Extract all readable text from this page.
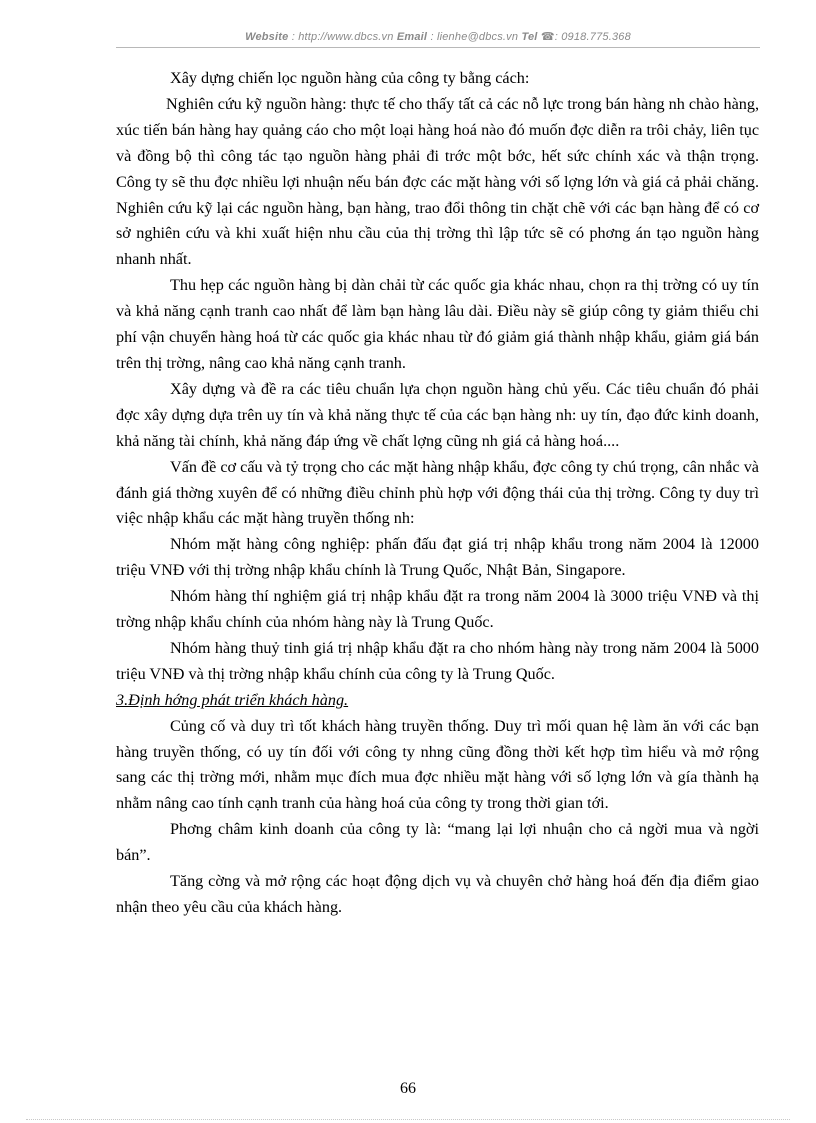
Website : http://www.dbcs.vn Email : lienhe@dbcs.vn Tel ☎: 0918.775.368

Xây dựng chiến lọc nguồn hàng của công ty bằng cách:

Nghiên cứu kỹ nguồn hàng: thực tế cho thấy tất cả các nỗ lực trong bán hàng nh chào hàng, xúc tiến bán hàng hay quảng cáo cho một loại hàng hoá nào đó muốn đợc diễn ra trôi chảy, liên tục và đồng bộ thì công tác tạo nguồn hàng phải đi trớc một bớc, hết sức chính xác và thận trọng. Công ty sẽ thu đợc nhiều lợi nhuận nếu bán đợc các mặt hàng với số lợng lớn và giá cả phải chăng. Nghiên cứu kỹ lại các nguồn hàng, bạn hàng, trao đổi thông tin chặt chẽ với các bạn hàng để có cơ sở nghiên cứu và khi xuất hiện nhu cầu của thị trờng thì lập tức sẽ có phơng án tạo nguồn hàng nhanh nhất.

Thu hẹp các nguồn hàng bị dàn chải từ các quốc gia khác nhau, chọn ra thị trờng có uy tín và khả năng cạnh tranh cao nhất để làm bạn hàng lâu dài. Điều này sẽ giúp công ty giảm thiểu chi phí vận chuyển hàng hoá từ các quốc gia khác nhau từ đó giảm giá thành nhập khẩu, giảm giá bán trên thị trờng, nâng cao khả năng cạnh tranh.

Xây dựng và đề ra các tiêu chuẩn lựa chọn nguồn hàng chủ yếu. Các tiêu chuẩn đó phải đợc xây dựng dựa trên uy tín và khả năng thực tế của các bạn hàng nh: uy tín, đạo đức kinh doanh, khả năng tài chính, khả năng đáp ứng về chất lợng cũng nh giá cả hàng hoá....

Vấn đề cơ cấu và tỷ trọng cho các mặt hàng nhập khẩu, đợc công ty chú trọng, cân nhắc và đánh giá thờng xuyên để có những điều chỉnh phù hợp với động thái của thị trờng. Công ty duy trì việc nhập khẩu các mặt hàng truyền thống nh:

Nhóm mặt hàng công nghiệp: phấn đấu đạt giá trị nhập khẩu trong năm 2004 là 12000 triệu VNĐ với thị trờng nhập khẩu chính là Trung Quốc, Nhật Bản, Singapore.

Nhóm hàng thí nghiệm giá trị nhập khẩu đặt ra trong năm 2004 là 3000 triệu VNĐ và thị trờng nhập khẩu chính của nhóm hàng này là Trung Quốc.

Nhóm hàng thuỷ tinh giá trị nhập khẩu đặt ra cho nhóm hàng này trong năm 2004 là 5000 triệu VNĐ và thị trờng nhập khẩu chính của công ty là Trung Quốc.

3.Định hớng phát triển khách hàng.

Củng cố và duy trì tốt khách hàng truyền thống. Duy trì mối quan hệ làm ăn với các bạn hàng truyền thống, có uy tín đối với công ty nhng cũng đồng thời kết hợp tìm hiểu và mở rộng sang các thị trờng mới, nhằm mục đích mua đợc nhiều mặt hàng với số lợng lớn và gía thành hạ nhằm nâng cao tính cạnh tranh của hàng hoá của công ty trong thời gian tới.

Phơng châm kinh doanh của công ty là: “mang lại lợi nhuận cho cả ngời mua và ngời bán”.

Tăng cờng và mở rộng các hoạt động dịch vụ và chuyên chở hàng hoá đến địa điểm giao nhận theo yêu cầu của khách hàng.

66
